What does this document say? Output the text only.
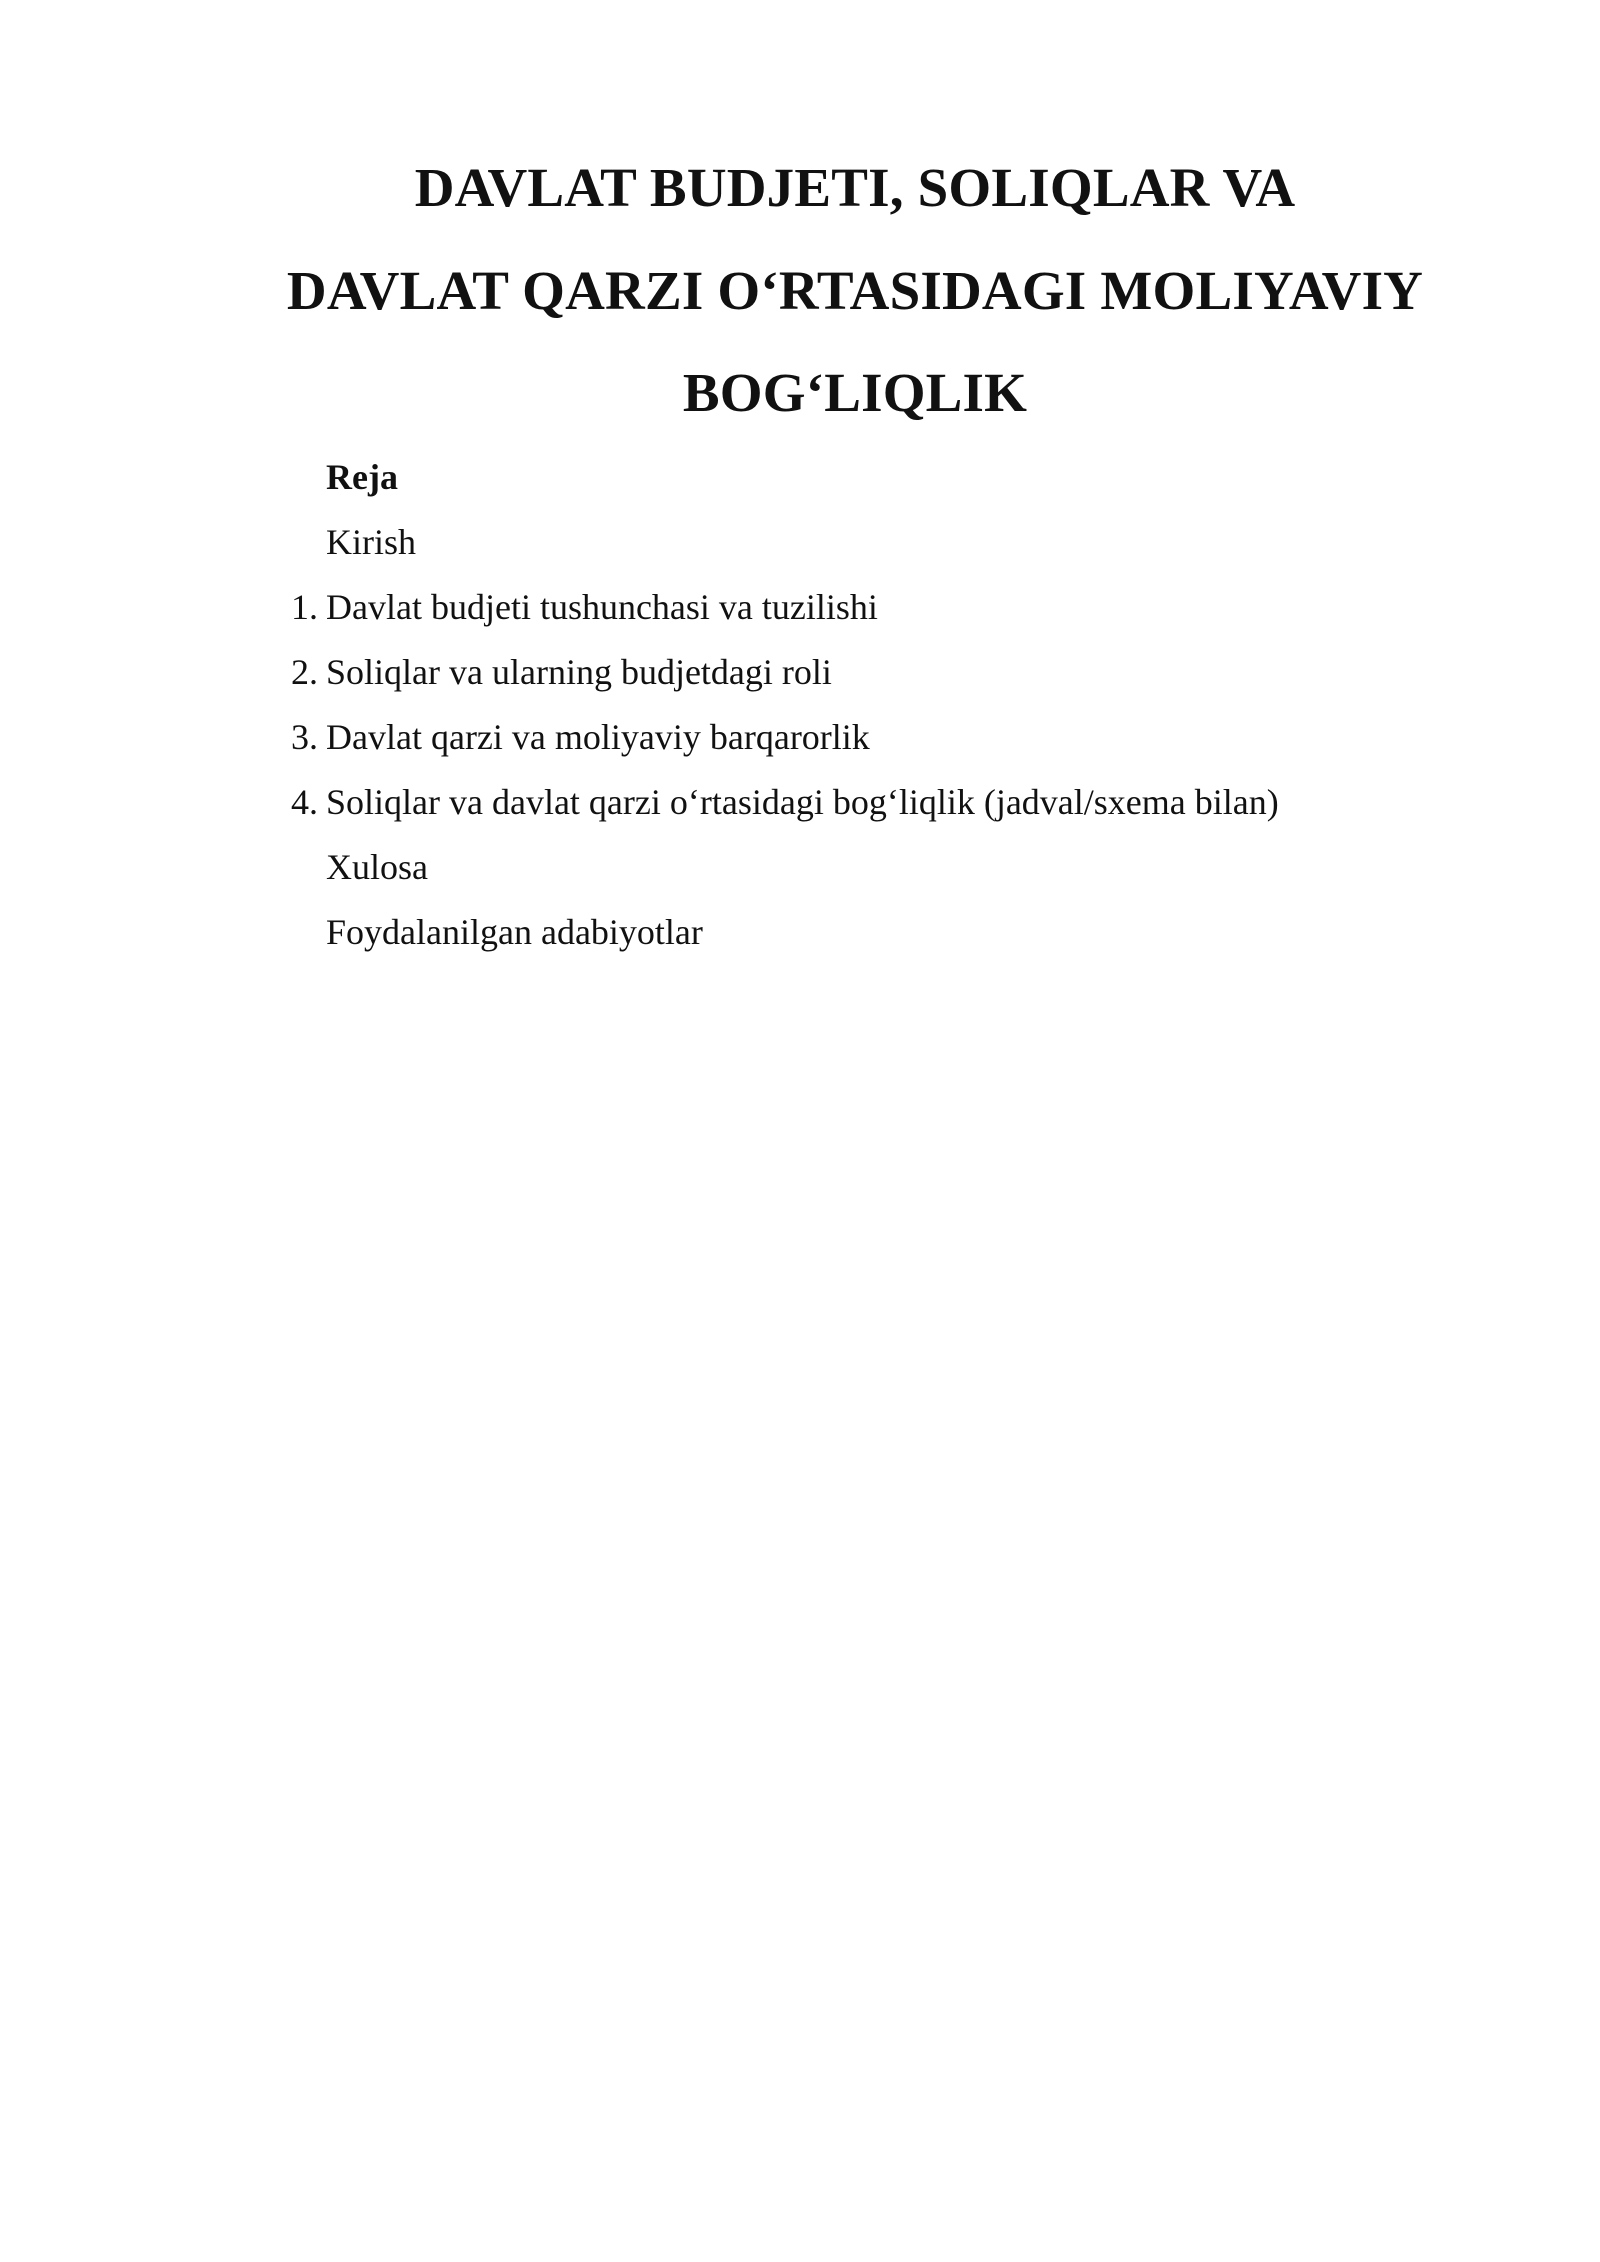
DAVLAT BUDJETI, SOLIQLAR VA
DAVLAT QARZI O‘RTASIDAGI MOLIYAVIY
BOG‘LIQLIK
Reja
Kirish
1. Davlat budjeti tushunchasi va tuzilishi
2. Soliqlar va ularning budjetdagi roli
3. Davlat qarzi va moliyaviy barqarorlik
4. Soliqlar va davlat qarzi o‘rtasidagi bog‘liqlik (jadval/sxema bilan)
Xulosa
Foydalanilgan adabiyotlar
